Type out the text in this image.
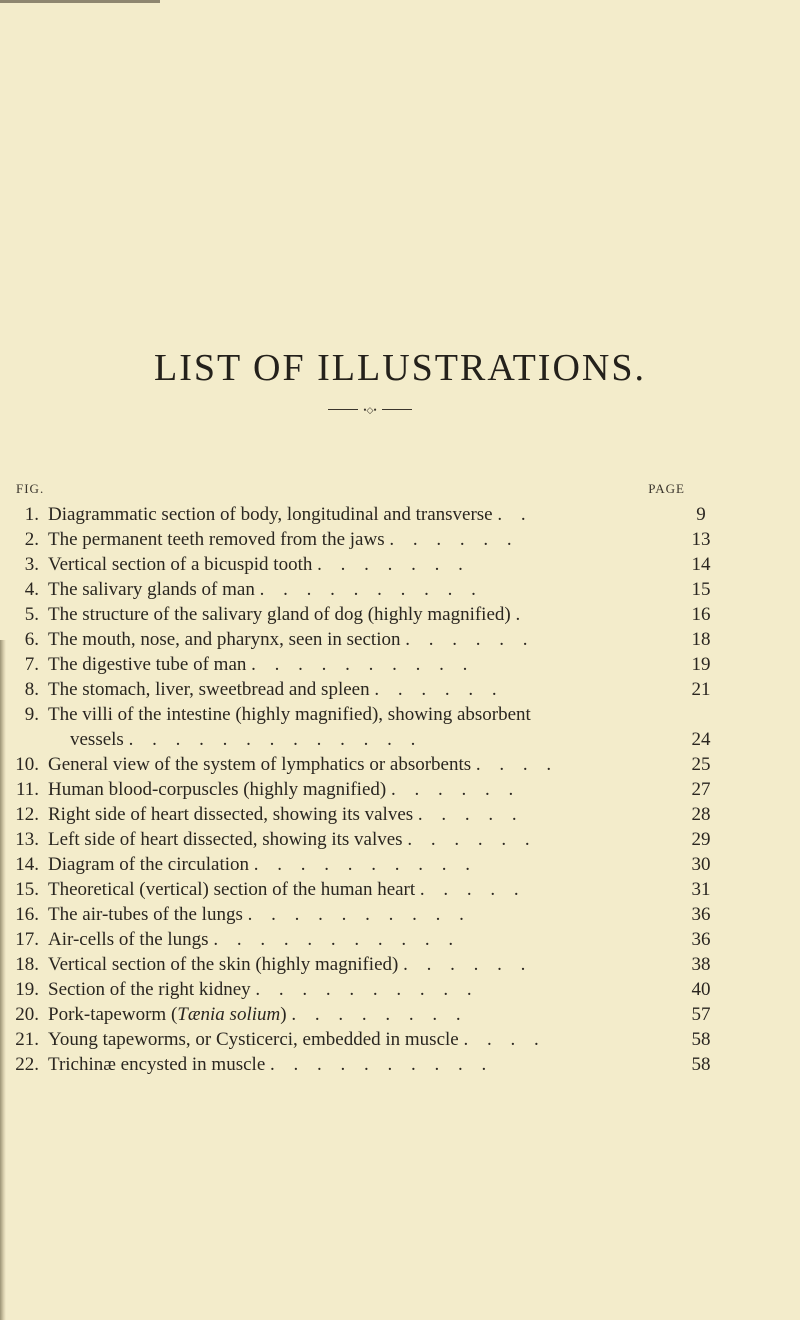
LIST OF ILLUSTRATIONS.
•◇•
FIG.	PAGE
1. Diagrammatic section of body, longitudinal and transverse . .	9
2. The permanent teeth removed from the jaws . . . . . .	13
3. Vertical section of a bicuspid tooth . . . . . . .	14
4. The salivary glands of man . . . . . . . . . .	15
5. The structure of the salivary gland of dog (highly magnified) .	16
6. The mouth, nose, and pharynx, seen in section . . . . . .	18
7. The digestive tube of man . . . . . . . . . .	19
8. The stomach, liver, sweetbread and spleen . . . . . .	21
9. The villi of the intestine (highly magnified), showing absorbent
vessels . . . . . . . . . . . . .	24
10. General view of the system of lymphatics or absorbents . . . .	25
11. Human blood-corpuscles (highly magnified) . . . . . .	27
12. Right side of heart dissected, showing its valves . . . . .	28
13. Left side of heart dissected, showing its valves . . . . . .	29
14. Diagram of the circulation . . . . . . . . . .	30
15. Theoretical (vertical) section of the human heart . . . . .	31
16. The air-tubes of the lungs . . . . . . . . . .	36
17. Air-cells of the lungs . . . . . . . . . . .	36
18. Vertical section of the skin (highly magnified) . . . . . .	38
19. Section of the right kidney . . . . . . . . . .	40
20. Pork-tapeworm (Tænia solium) . . . . . . . .	57
21. Young tapeworms, or Cysticerci, embedded in muscle . . . .	58
22. Trichinæ encysted in muscle . . . . . . . . . .	58
